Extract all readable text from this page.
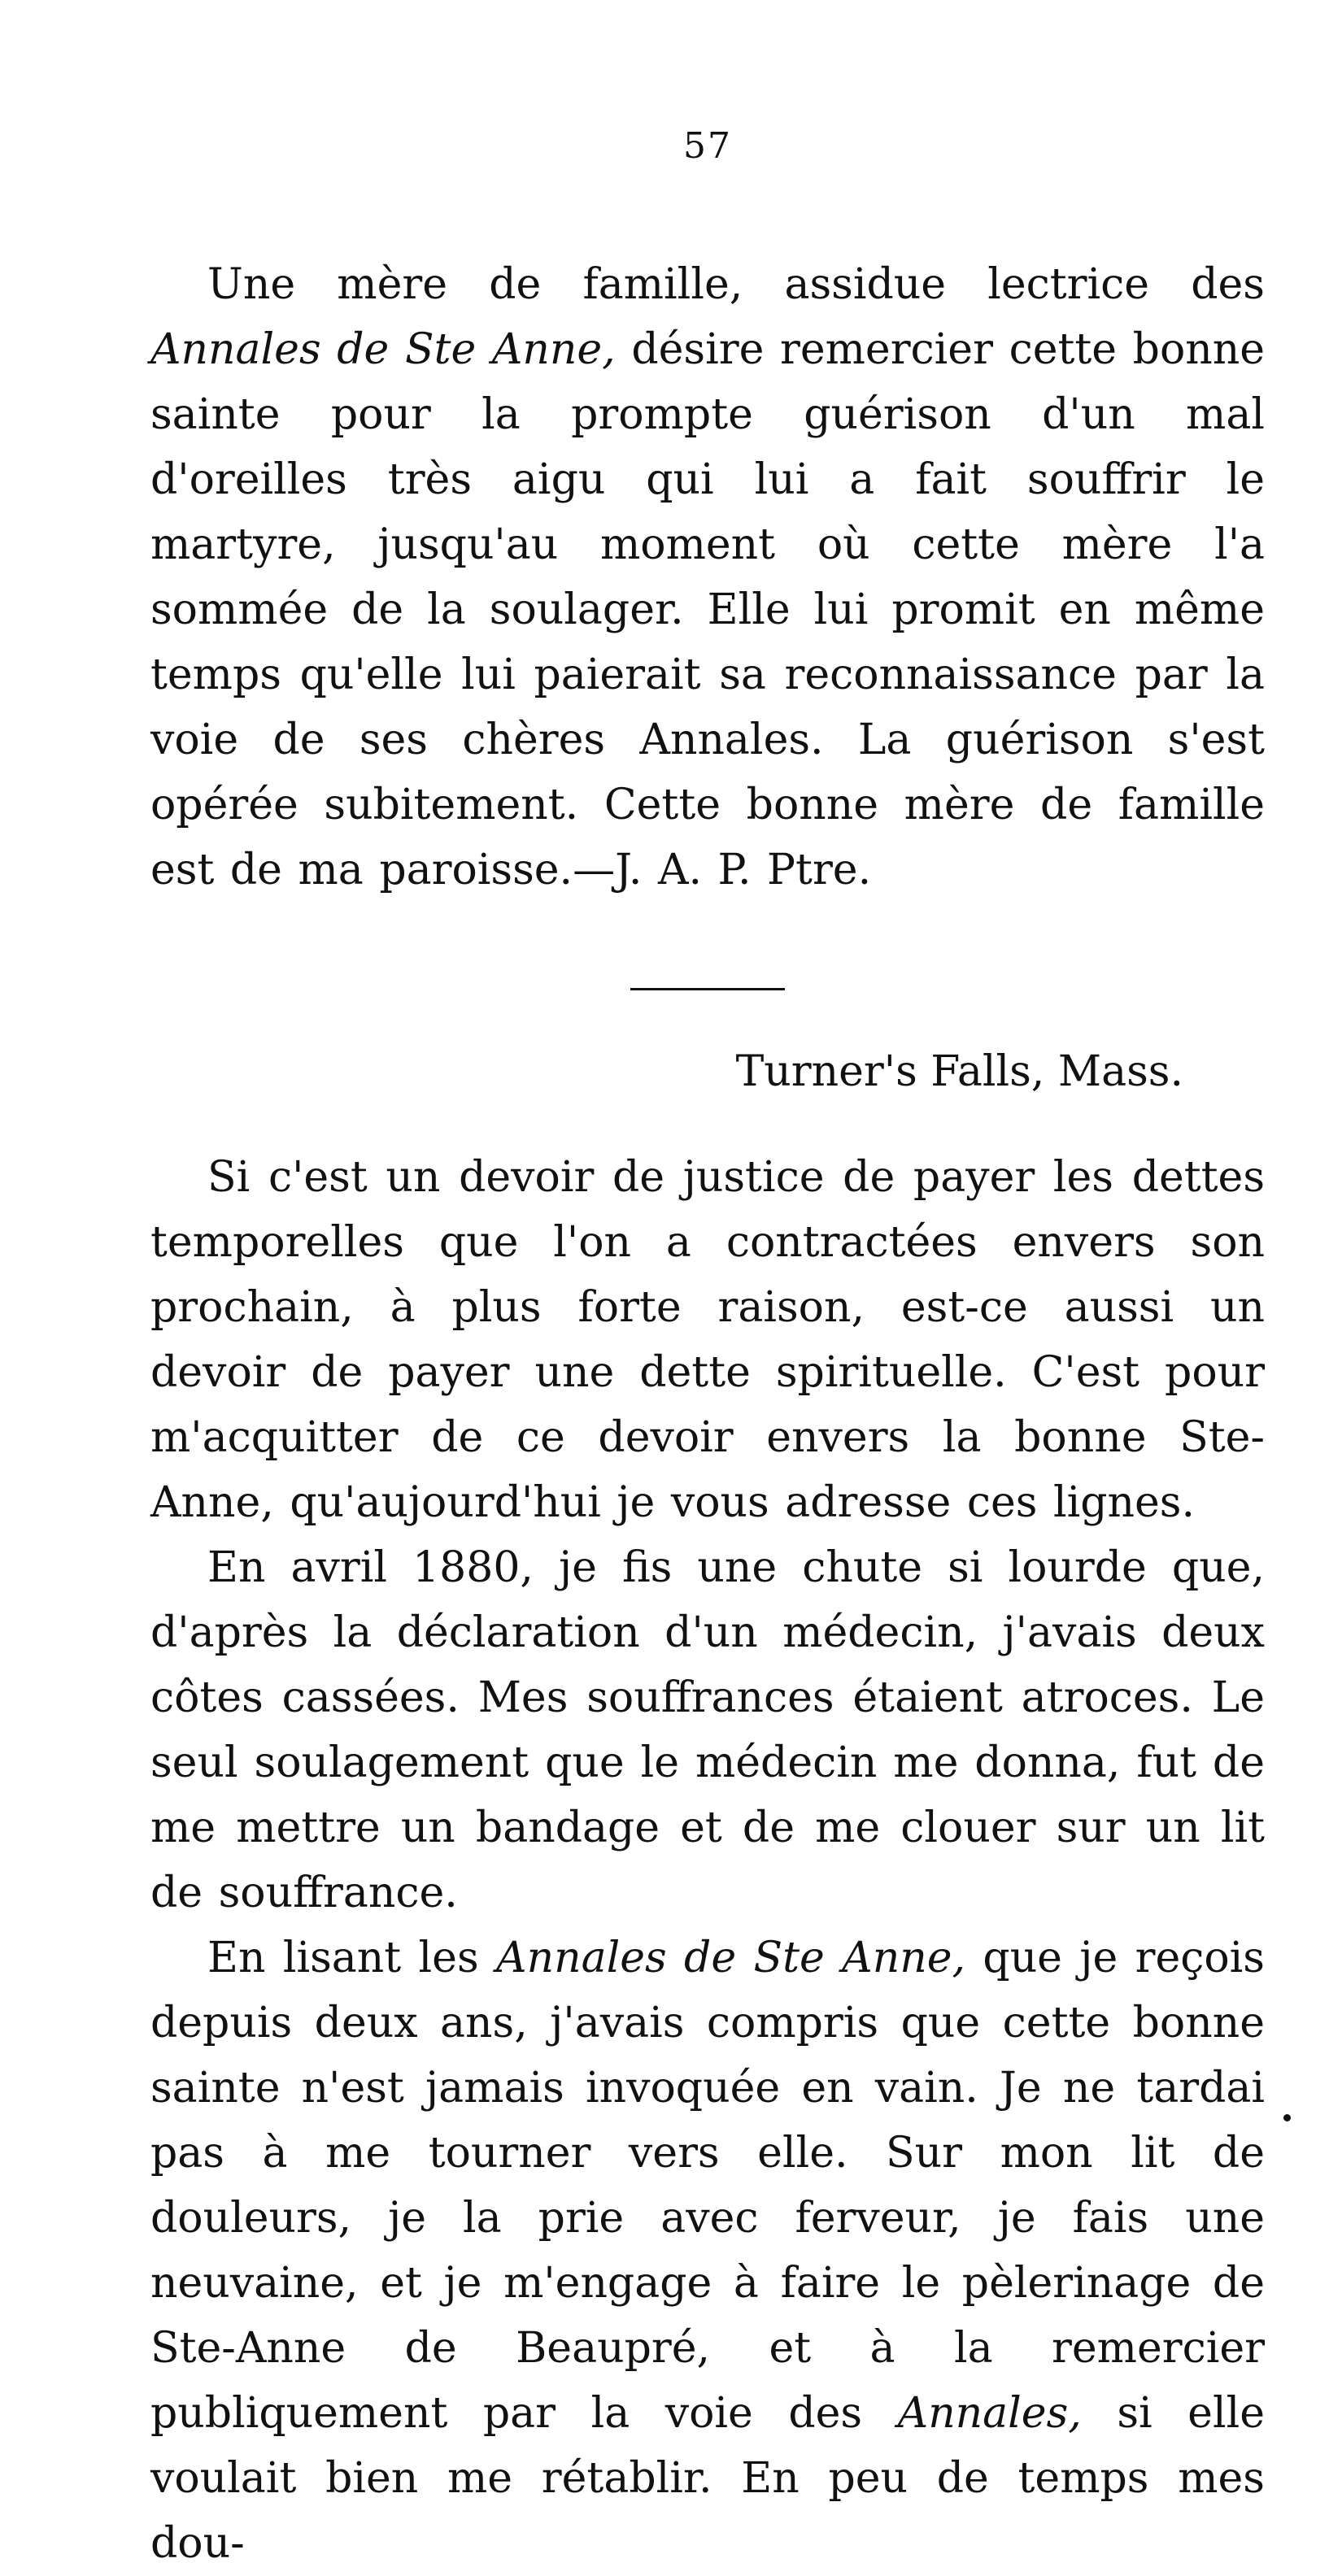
57

Une mère de famille, assidue lectrice des Annales de Ste Anne, désire remercier cette bonne sainte pour la prompte guérison d'un mal d'oreilles très aigu qui lui a fait souffrir le martyre, jusqu'au moment où cette mère l'a sommée de la soulager. Elle lui promit en même temps qu'elle lui paierait sa reconnaissance par la voie de ses chères Annales. La guérison s'est opérée subitement. Cette bonne mère de famille est de ma paroisse.—J. A. P. Ptre.

Turner's Falls, Mass.

Si c'est un devoir de justice de payer les dettes temporelles que l'on a contractées envers son prochain, à plus forte raison, est-ce aussi un devoir de payer une dette spirituelle. C'est pour m'acquitter de ce devoir envers la bonne Ste-Anne, qu'aujourd'hui je vous adresse ces lignes.

En avril 1880, je fis une chute si lourde que, d'après la déclaration d'un médecin, j'avais deux côtes cassées. Mes souffrances étaient atroces. Le seul soulagement que le médecin me donna, fut de me mettre un bandage et de me clouer sur un lit de souffrance.

En lisant les Annales de Ste Anne, que je reçois depuis deux ans, j'avais compris que cette bonne sainte n'est jamais invoquée en vain. Je ne tardai pas à me tourner vers elle. Sur mon lit de douleurs, je la prie avec ferveur, je fais une neuvaine, et je m'engage à faire le pèlerinage de Ste-Anne de Beaupré, et à la remercier publiquement par la voie des Annales, si elle voulait bien me rétablir. En peu de temps mes dou-
